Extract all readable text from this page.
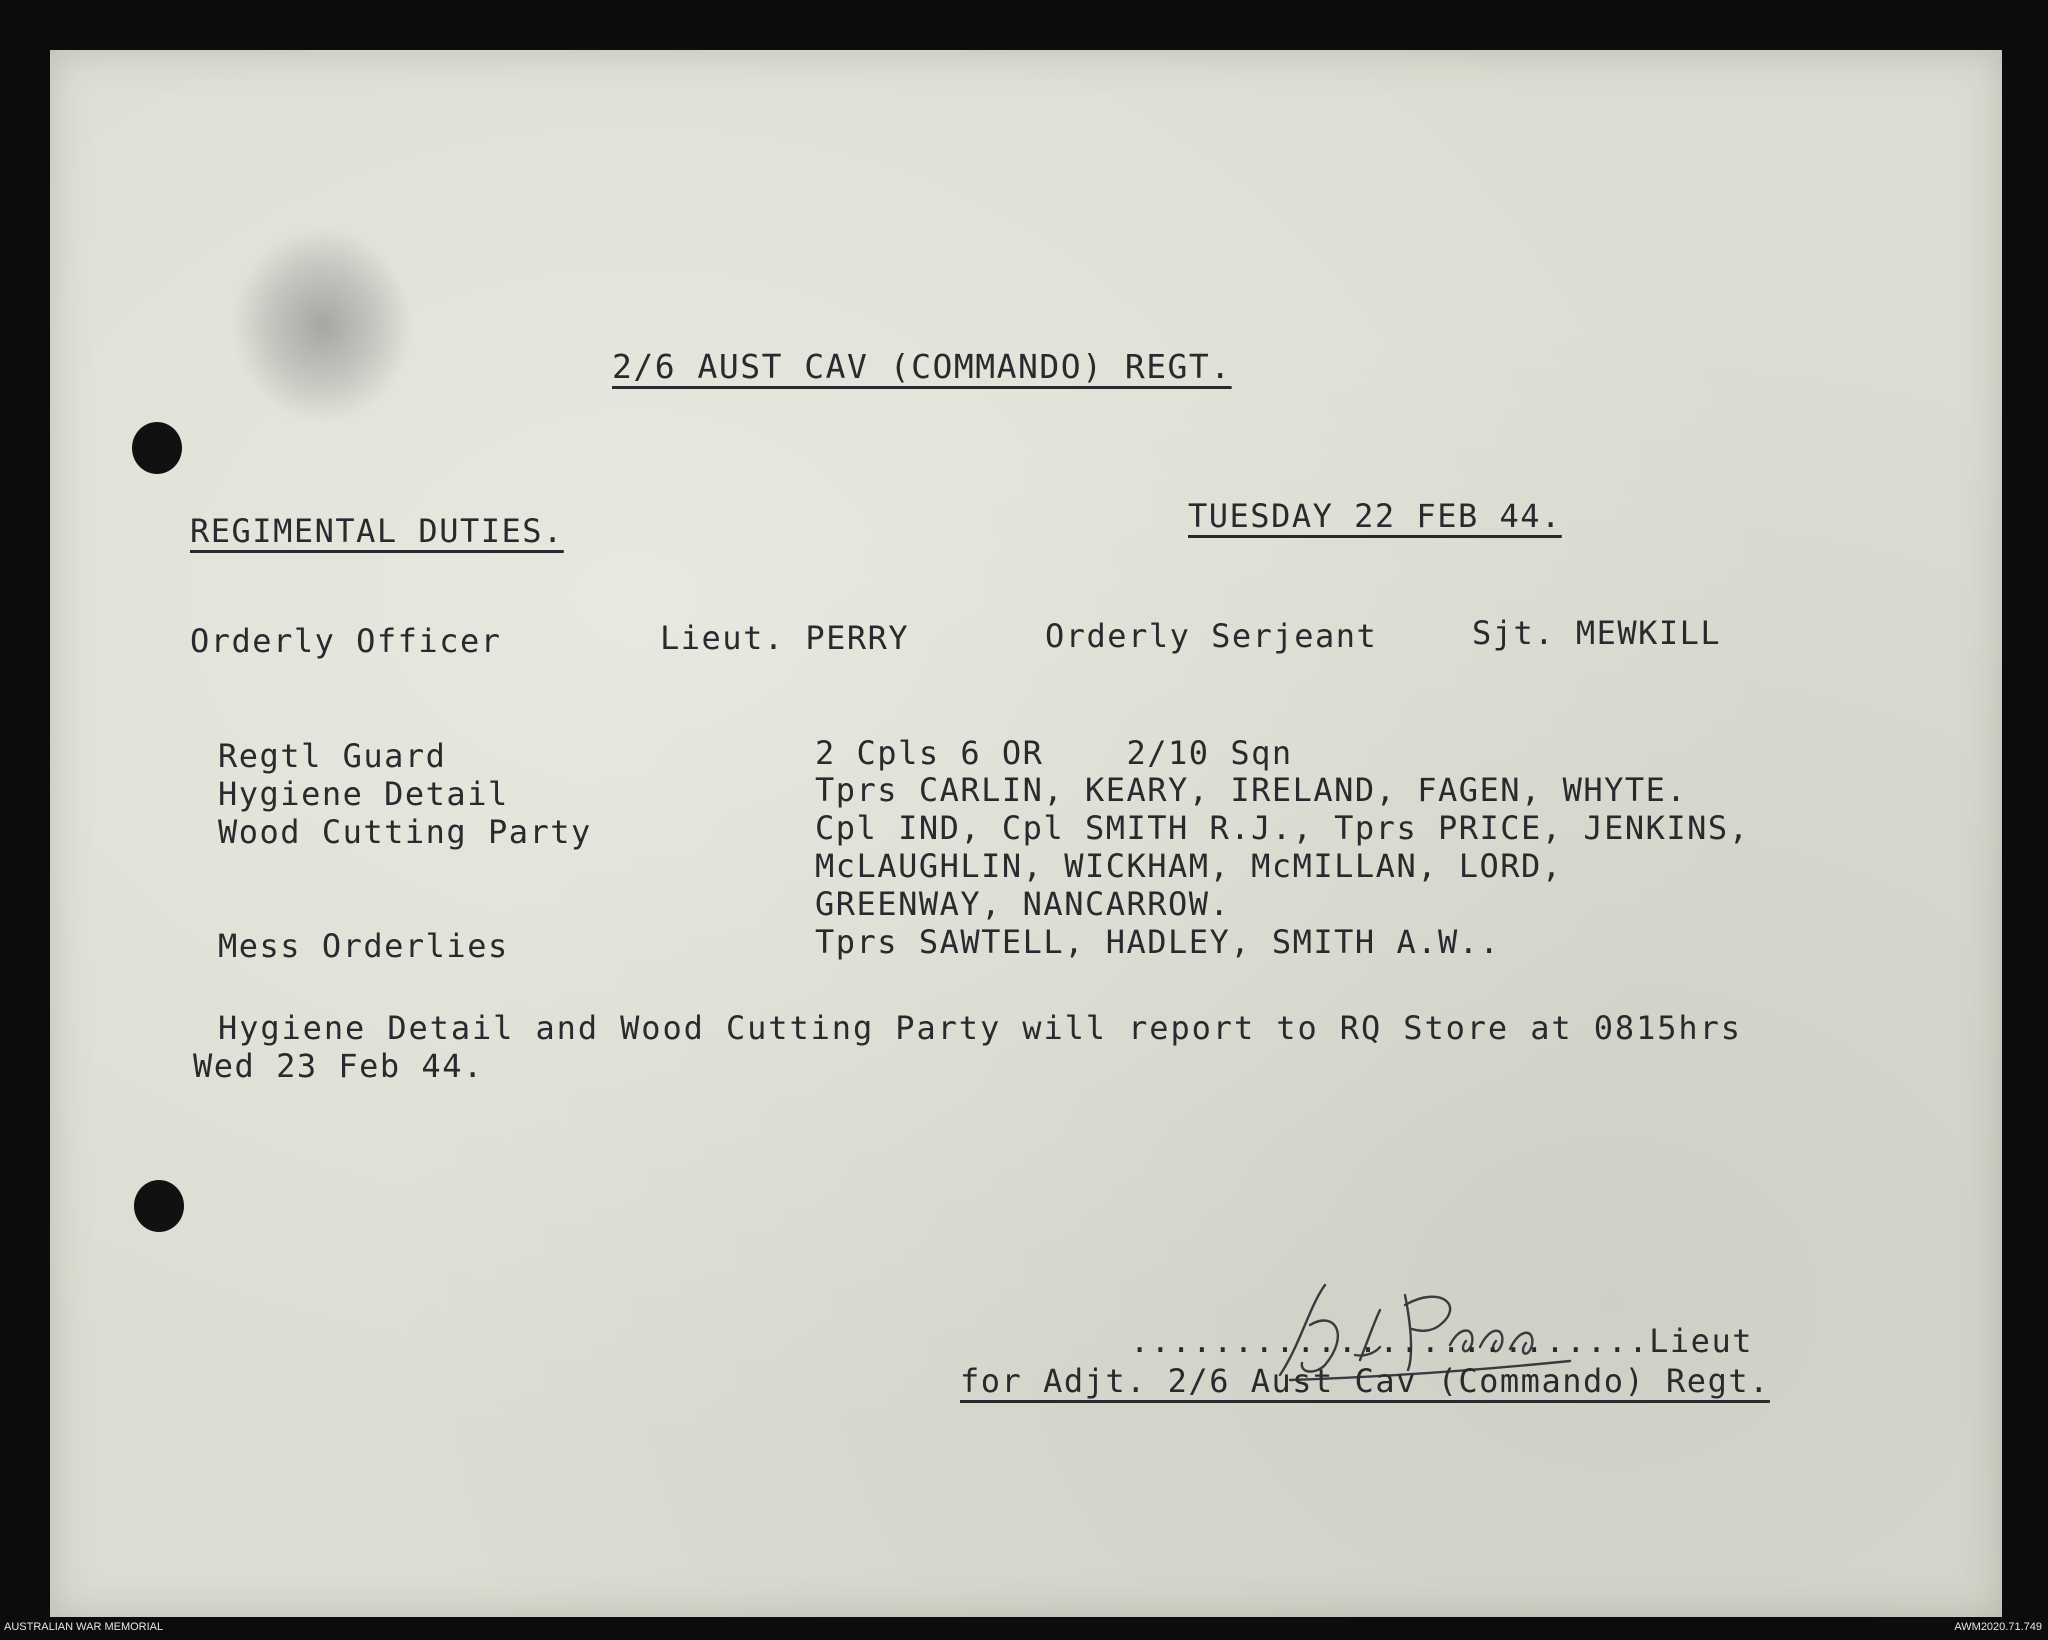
2/6 AUST CAV (COMMANDO) REGT.
REGIMENTAL DUTIES.	TUESDAY 22 FEB 44.
Orderly Officer	Lieut. PERRY	Orderly Serjeant	Sjt. MEWKILL
Regtl Guard	2 Cpls 6 OR    2/10 Sqn
Hygiene Detail	Tprs CARLIN, KEARY, IRELAND, FAGEN, WHYTE.
Wood Cutting Party	Cpl IND, Cpl SMITH R.J., Tprs PRICE, JENKINS,
McLAUGHLIN, WICKHAM, McMILLAN, LORD,
GREENWAY, NANCARROW.
Mess Orderlies	Tprs SAWTELL, HADLEY, SMITH A.W..
Hygiene Detail and Wood Cutting Party will report to RQ Store at 0815hrs
Wed 23 Feb 44.
.........................Lieut
for Adjt. 2/6 Aust Cav (Commando) Regt.
AUSTRALIAN WAR MEMORIAL	AWM2020.71.749
